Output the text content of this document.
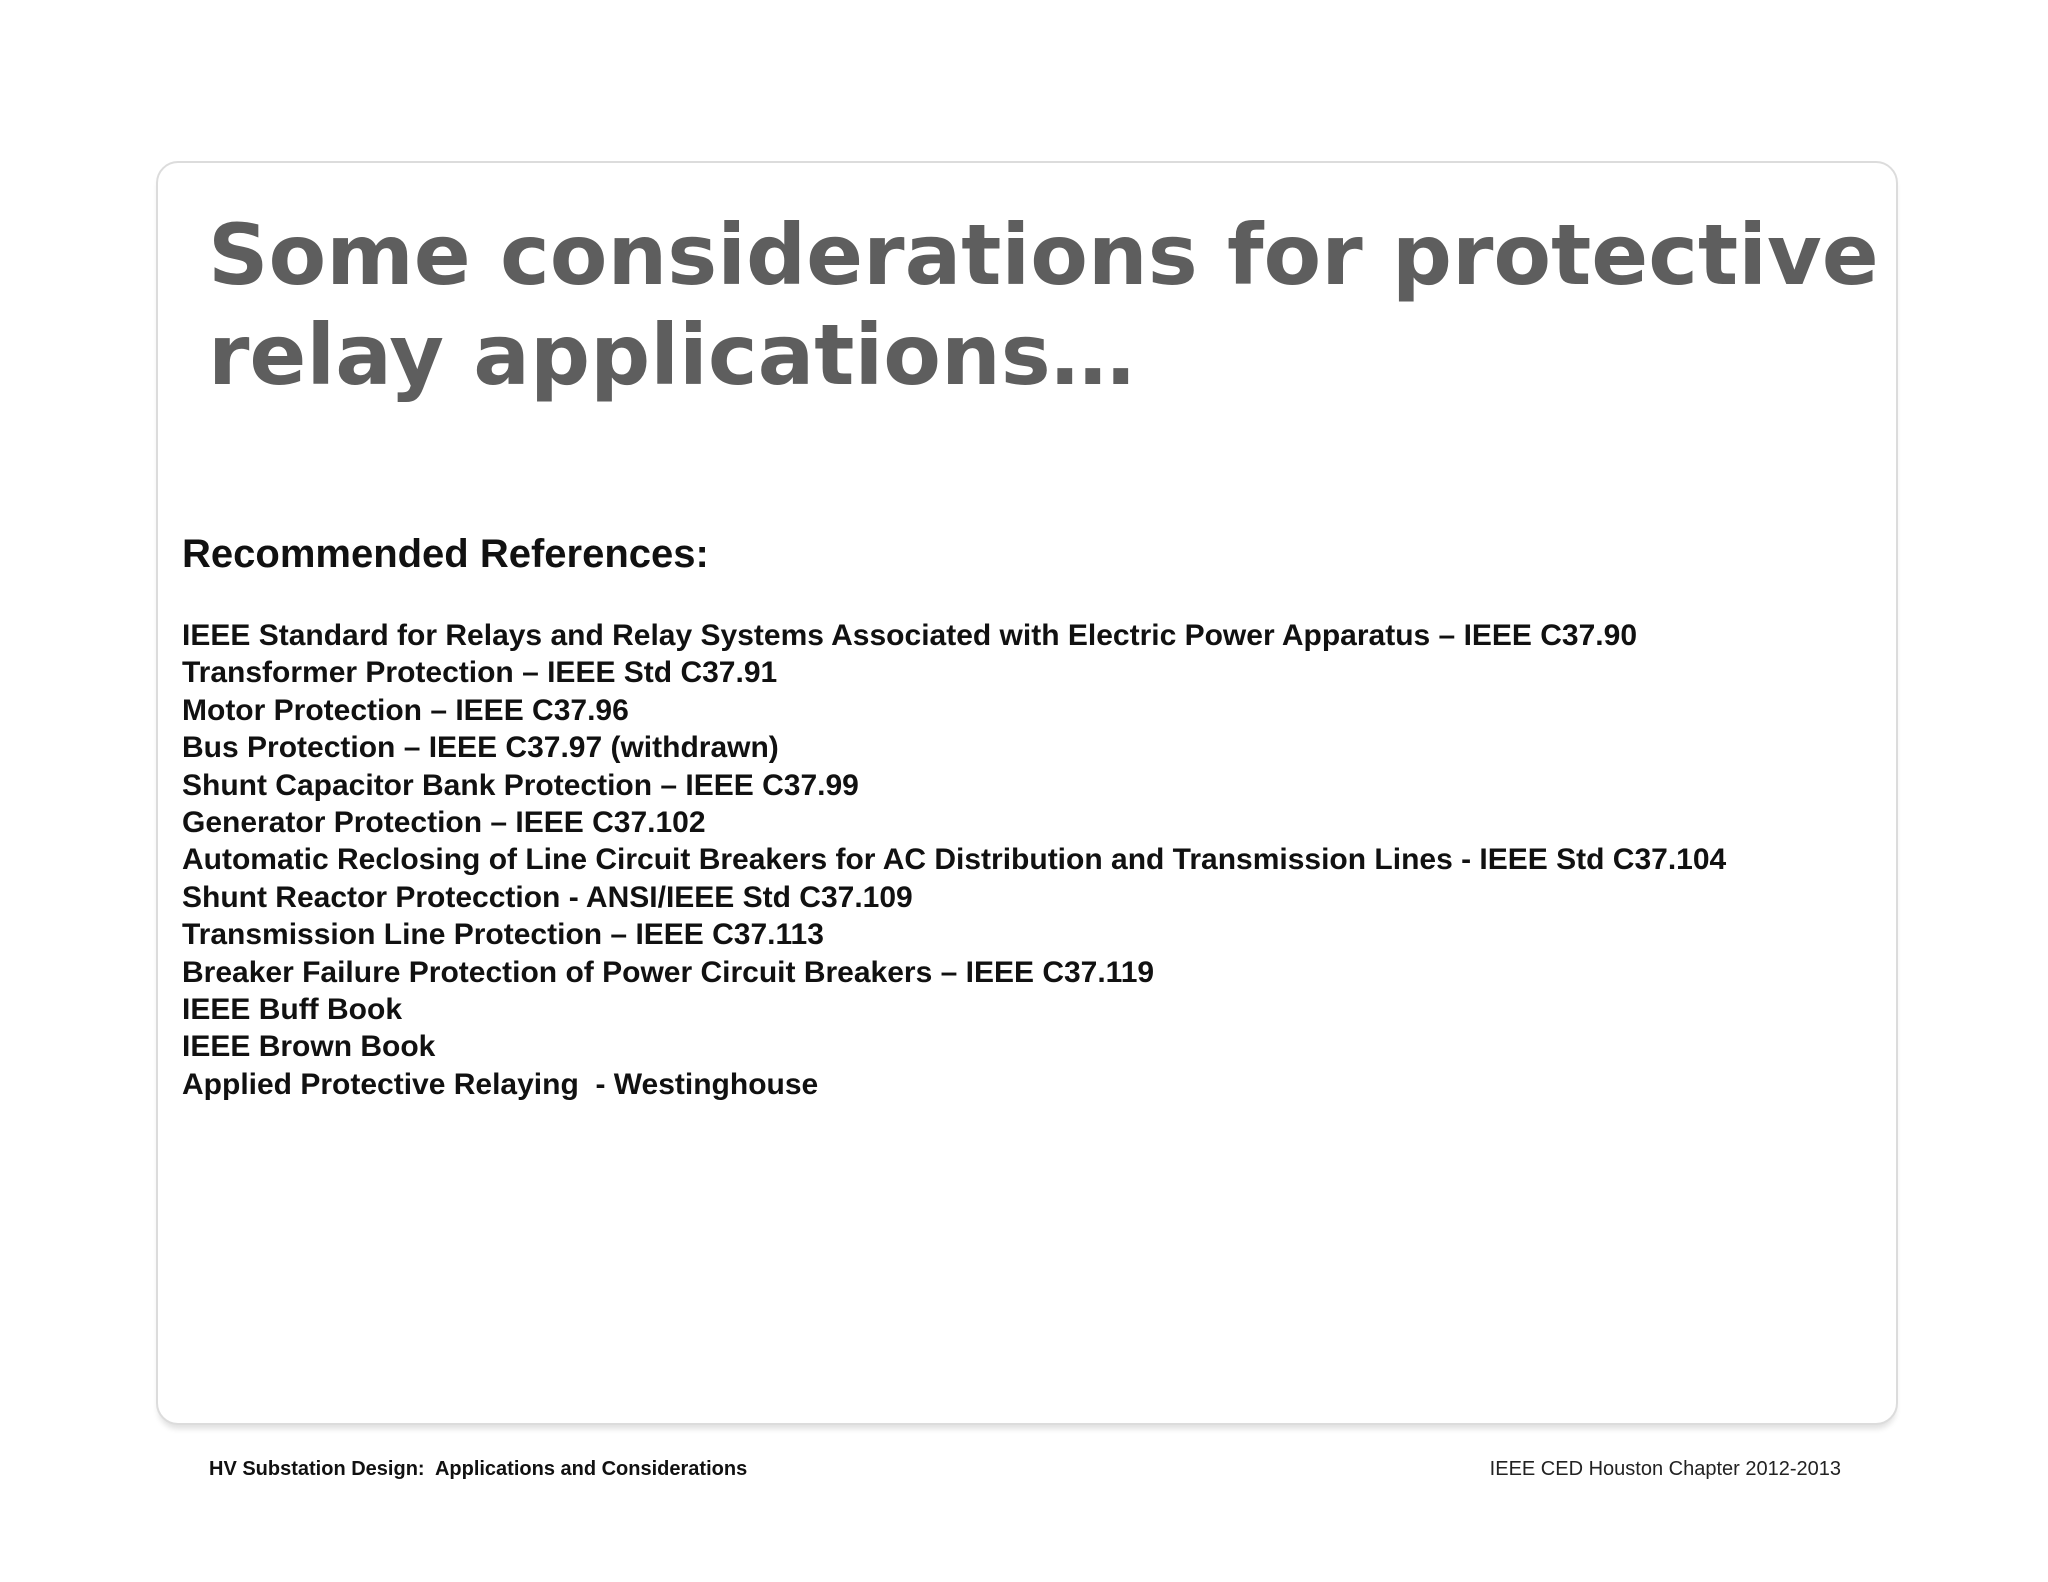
Some considerations for protective relay applications…
Recommended References:
IEEE Standard for Relays and Relay Systems Associated with Electric Power Apparatus – IEEE C37.90
Transformer Protection – IEEE Std C37.91
Motor Protection – IEEE C37.96
Bus Protection – IEEE C37.97 (withdrawn)
Shunt Capacitor Bank Protection – IEEE C37.99
Generator Protection – IEEE C37.102
Automatic Reclosing of Line Circuit Breakers for AC Distribution and Transmission Lines - IEEE Std C37.104
Shunt Reactor Protecction - ANSI/IEEE Std C37.109
Transmission Line Protection – IEEE C37.113
Breaker Failure Protection of Power Circuit Breakers – IEEE C37.119
IEEE Buff Book
IEEE Brown Book
Applied Protective Relaying  - Westinghouse
HV Substation Design:  Applications and Considerations	IEEE CED Houston Chapter 2012-2013
